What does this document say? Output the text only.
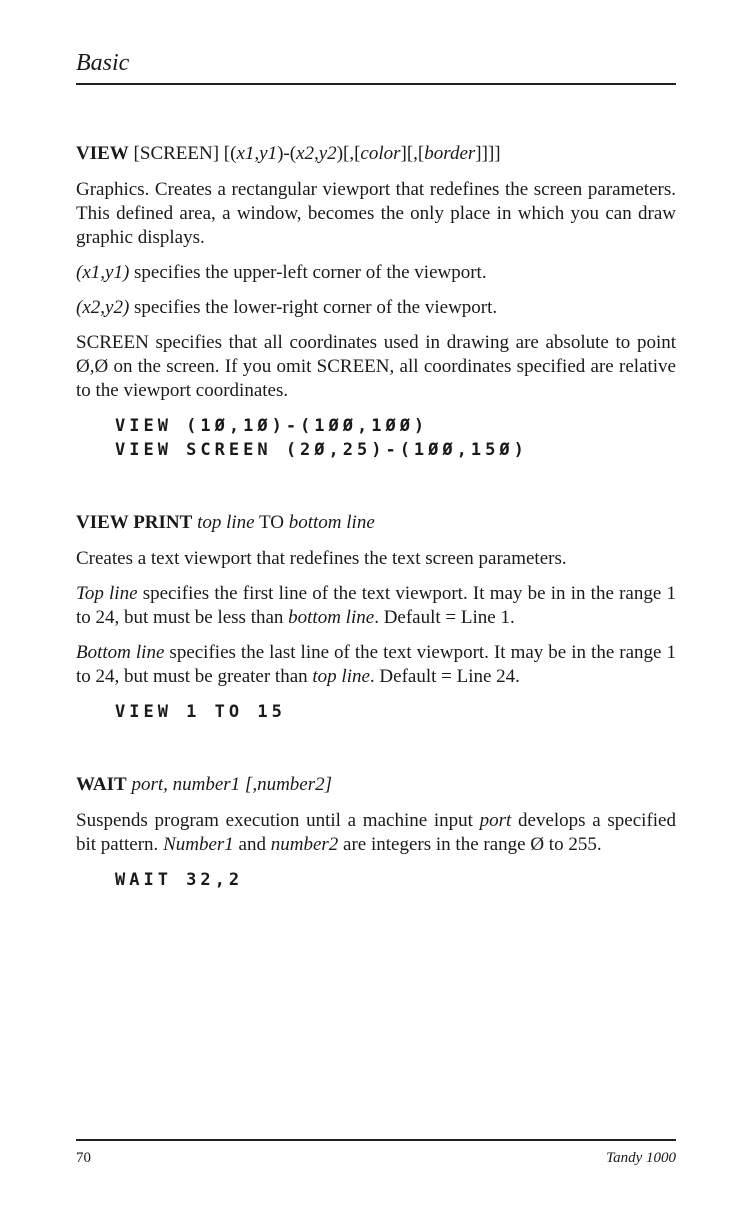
Basic
VIEW [SCREEN] [(x1,y1)-(x2,y2)[,[color][,[border]]]]

Graphics. Creates a rectangular viewport that redefines the screen parameters. This defined area, a window, becomes the only place in which you can draw graphic displays.

(x1,y1) specifies the upper-left corner of the viewport.

(x2,y2) specifies the lower-right corner of the viewport.

SCREEN specifies that all coordinates used in drawing are absolute to point Ø,Ø on the screen. If you omit SCREEN, all coordinates specified are relative to the viewport coordinates.

VIEW (1Ø,1Ø)-(1ØØ,1ØØ)
VIEW SCREEN (2Ø,25)-(1ØØ,15Ø)
VIEW PRINT top line TO bottom line

Creates a text viewport that redefines the text screen parameters.

Top line specifies the first line of the text viewport. It may be in in the range 1 to 24, but must be less than bottom line. Default = Line 1.

Bottom line specifies the last line of the text viewport. It may be in the range 1 to 24, but must be greater than top line. Default = Line 24.

VIEW 1 TO 15
WAIT port, number1 [,number2]

Suspends program execution until a machine input port develops a specified bit pattern. Number1 and number2 are integers in the range Ø to 255.

WAIT 32,2
70	Tandy 1000
